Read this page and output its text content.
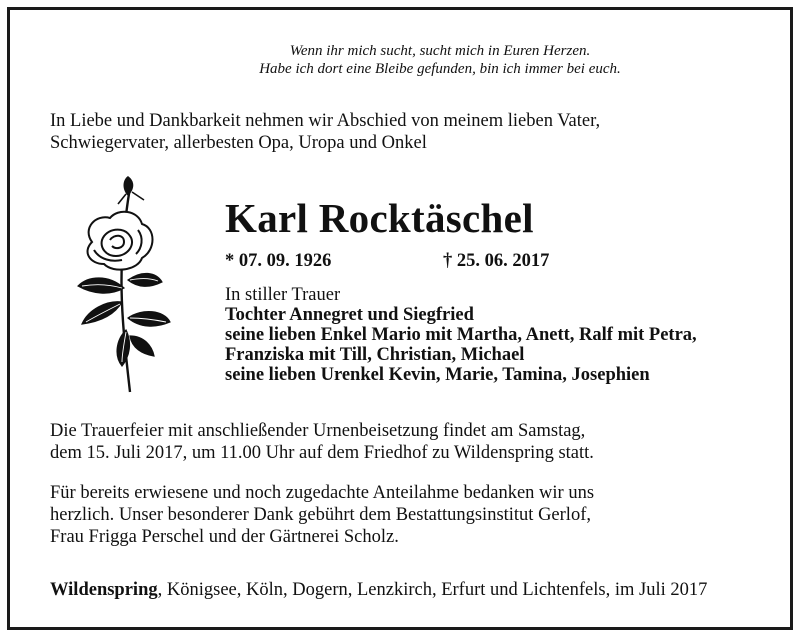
Wenn ihr mich sucht, sucht mich in Euren Herzen.
Habe ich dort eine Bleibe gefunden, bin ich immer bei euch.
In Liebe und Dankbarkeit nehmen wir Abschied von meinem lieben Vater,
Schwiegervater, allerbesten Opa, Uropa und Onkel
Karl Rocktäschel
* 07. 09. 1926	† 25. 06. 2017
In stiller Trauer
Tochter Annegret und Siegfried
seine lieben Enkel Mario mit Martha, Anett, Ralf mit Petra,
Franziska mit Till, Christian, Michael
seine lieben Urenkel Kevin, Marie, Tamina, Josephien
Die Trauerfeier mit anschließender Urnenbeisetzung findet am Samstag,
dem 15. Juli 2017, um 11.00 Uhr auf dem Friedhof zu Wildenspring statt.
Für bereits erwiesene und noch zugedachte Anteilahme bedanken wir uns
herzlich. Unser besonderer Dank gebührt dem Bestattungsinstitut Gerlof,
Frau Frigga Perschel und der Gärtnerei Scholz.
Wildenspring, Königsee, Köln, Dogern, Lenzkirch, Erfurt und Lichtenfels, im Juli 2017
